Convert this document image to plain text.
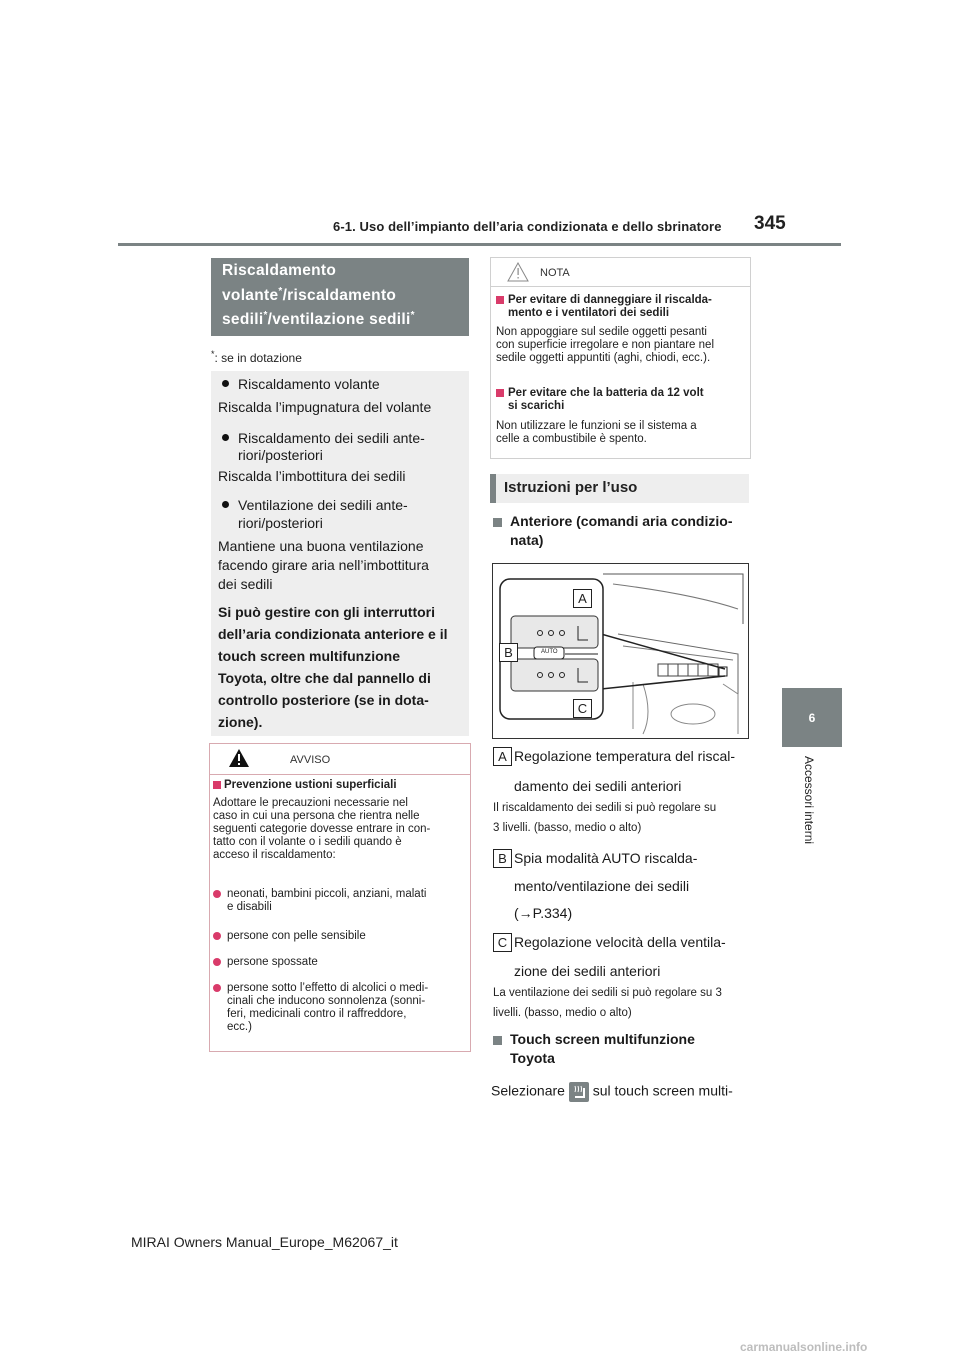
6-1. Uso dell’impianto dell’aria condizionata e dello sbrinatore 345
6
Accessori interni
Riscaldamento
volante*/riscaldamento
sedili*/ventilazione sedili*
*: se in dotazione
Riscaldamento volante
Riscalda l’impugnatura del volante
Riscaldamento dei sedili ante-
riori/posteriori
Riscalda l’imbottitura dei sedili
Ventilazione dei sedili ante-
riori/posteriori
Mantiene una buona ventilazione
facendo girare aria nell’imbottitura
dei sedili
Si può gestire con gli interruttori
dell’aria condizionata anteriore e il
touch screen multifunzione
Toyota, oltre che dal pannello di
controllo posteriore (se in dota-
zione).
AVVISO
Prevenzione ustioni superficiali
Adottare le precauzioni necessarie nel
caso in cui una persona che rientra nelle
seguenti categorie dovesse entrare in con-
tatto con il volante o i sedili quando è
acceso il riscaldamento:
neonati, bambini piccoli, anziani, malati
e disabili
persone con pelle sensibile
persone spossate
persone sotto l’effetto di alcolici o medi-
cinali che inducono sonnolenza (sonni-
feri, medicinali contro il raffreddore,
ecc.)
NOTA
Per evitare di danneggiare il riscalda-
mento e i ventilatori dei sedili
Non appoggiare sul sedile oggetti pesanti
con superficie irregolare e non piantare nel
sedile oggetti appuntiti (aghi, chiodi, ecc.).
Per evitare che la batteria da 12 volt
si scarichi
Non utilizzare le funzioni se il sistema a
celle a combustibile è spento.
Istruzioni per l’uso
Anteriore (comandi aria condizio-
nata)
AUTO
A
B
C
A Regolazione temperatura del riscal-
damento dei sedili anteriori
Il riscaldamento dei sedili si può regolare su
3 livelli. (basso, medio o alto)
B Spia modalità AUTO riscalda-
mento/ventilazione dei sedili
(→P.334)
C Regolazione velocità della ventila-
zione dei sedili anteriori
La ventilazione dei sedili si può regolare su 3
livelli. (basso, medio o alto)
Touch screen multifunzione
Toyota
Selezionare sul touch screen multi-
MIRAI Owners Manual_Europe_M62067_it
carmanualsonline.info
